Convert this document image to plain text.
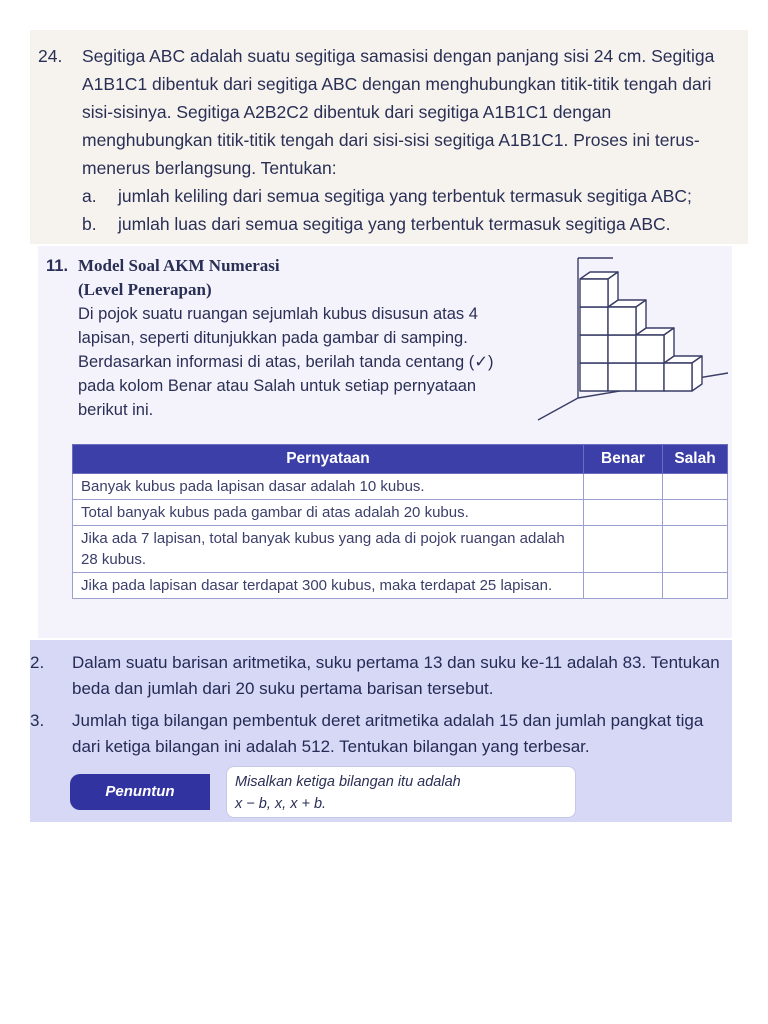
24. Segitiga ABC adalah suatu segitiga samasisi dengan panjang sisi 24 cm. Segitiga A1B1C1 dibentuk dari segitiga ABC dengan menghubungkan titik-titik tengah dari sisi-sisinya. Segitiga A2B2C2 dibentuk dari segitiga A1B1C1 dengan menghubungkan titik-titik tengah dari sisi-sisi segitiga A1B1C1. Proses ini terus-menerus berlangsung. Tentukan:
a. jumlah keliling dari semua segitiga yang terbentuk termasuk segitiga ABC;
b. jumlah luas dari semua segitiga yang terbentuk termasuk segitiga ABC.
11. Model Soal AKM Numerasi
(Level Penerapan)

Di pojok suatu ruangan sejumlah kubus disusun atas 4 lapisan, seperti ditunjukkan pada gambar di samping.

Berdasarkan informasi di atas, berilah tanda centang (✓) pada kolom Benar atau Salah untuk setiap pernyataan berikut ini.

Pernyataan	Benar	Salah
Banyak kubus pada lapisan dasar adalah 10 kubus.		
Total banyak kubus pada gambar di atas adalah 20 kubus.		
Jika ada 7 lapisan, total banyak kubus yang ada di pojok ruangan adalah 28 kubus.		
Jika pada lapisan dasar terdapat 300 kubus, maka terdapat 25 lapisan.		
2. Dalam suatu barisan aritmetika, suku pertama 13 dan suku ke-11 adalah 83. Tentukan beda dan jumlah dari 20 suku pertama barisan tersebut.
3. Jumlah tiga bilangan pembentuk deret aritmetika adalah 15 dan jumlah pangkat tiga dari ketiga bilangan ini adalah 512. Tentukan bilangan yang terbesar.
Penuntun
Misalkan ketiga bilangan itu adalah
x − b, x, x + b.
